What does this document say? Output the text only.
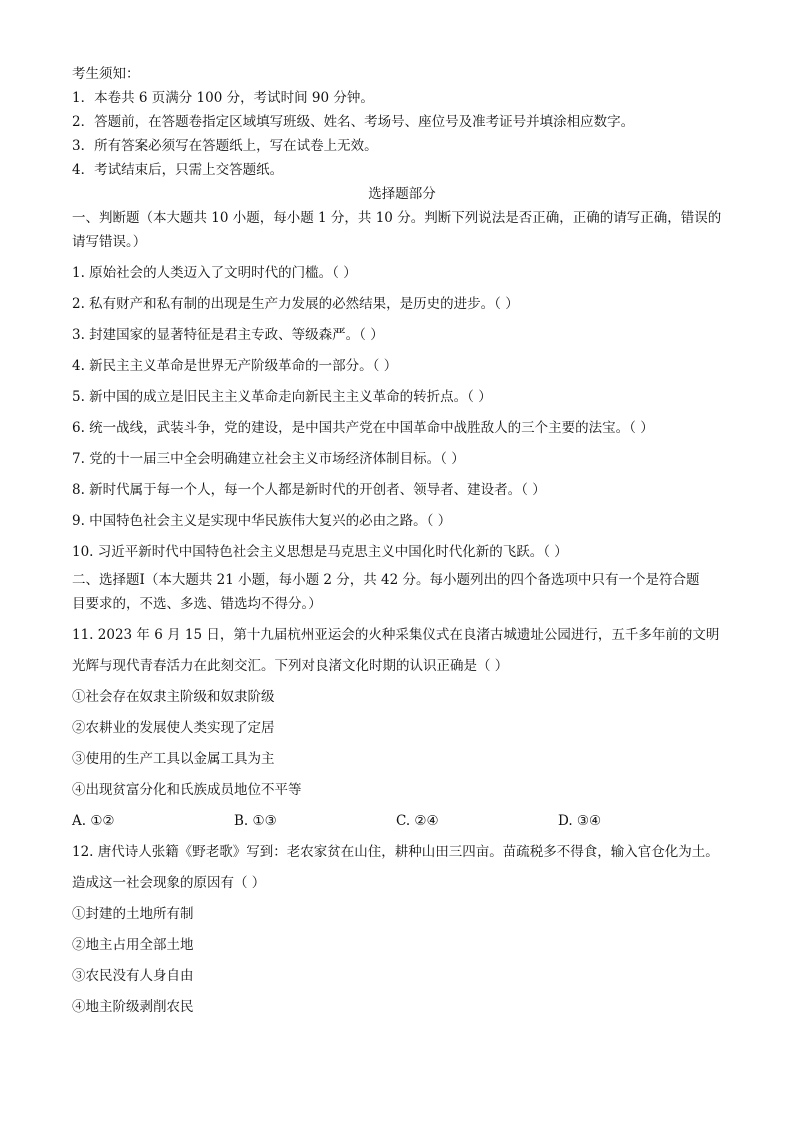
考生须知：
1．本卷共 6 页满分 100 分，考试时间 90 分钟。
2．答题前，在答题卷指定区域填写班级、姓名、考场号、座位号及准考证号并填涂相应数字。
3．所有答案必须写在答题纸上，写在试卷上无效。
4．考试结束后，只需上交答题纸。
选择题部分
一、判断题（本大题共 10 小题，每小题 1 分，共 10 分。判断下列说法是否正确，正确的请写正确，错误的
请写错误。）
1. 原始社会的人类迈入了文明时代的门槛。（ ）
2. 私有财产和私有制的出现是生产力发展的必然结果，是历史的进步。（ ）
3. 封建国家的显著特征是君主专政、等级森严。（ ）
4. 新民主主义革命是世界无产阶级革命的一部分。（ ）
5. 新中国的成立是旧民主主义革命走向新民主主义革命的转折点。（ ）
6. 统一战线，武装斗争，党的建设，是中国共产党在中国革命中战胜敌人的三个主要的法宝。（ ）
7. 党的十一届三中全会明确建立社会主义市场经济体制目标。（ ）
8. 新时代属于每一个人，每一个人都是新时代的开创者、领导者、建设者。（ ）
9. 中国特色社会主义是实现中华民族伟大复兴的必由之路。（ ）
10. 习近平新时代中国特色社会主义思想是马克思主义中国化时代化新的飞跃。（ ）
二、选择题Ⅰ（本大题共 21 小题，每小题 2 分，共 42 分。每小题列出的四个备选项中只有一个是符合题
目要求的，不选、多选、错选均不得分。）
11. 2023 年 6 月 15 日，第十九届杭州亚运会的火种采集仪式在良渚古城遗址公园进行，五千多年前的文明
光辉与现代青春活力在此刻交汇。下列对良渚文化时期的认识正确是（ ）
①社会存在奴隶主阶级和奴隶阶级
②农耕业的发展使人类实现了定居
③使用的生产工具以金属工具为主
④出现贫富分化和氏族成员地位不平等
A. ①②	B. ①③	C. ②④	D. ③④
12. 唐代诗人张籍《野老歌》写到：老农家贫在山住，耕种山田三四亩。苗疏税多不得食，输入官仓化为土。
造成这一社会现象的原因有（ ）
①封建的土地所有制
②地主占用全部土地
③农民没有人身自由
④地主阶级剥削农民
